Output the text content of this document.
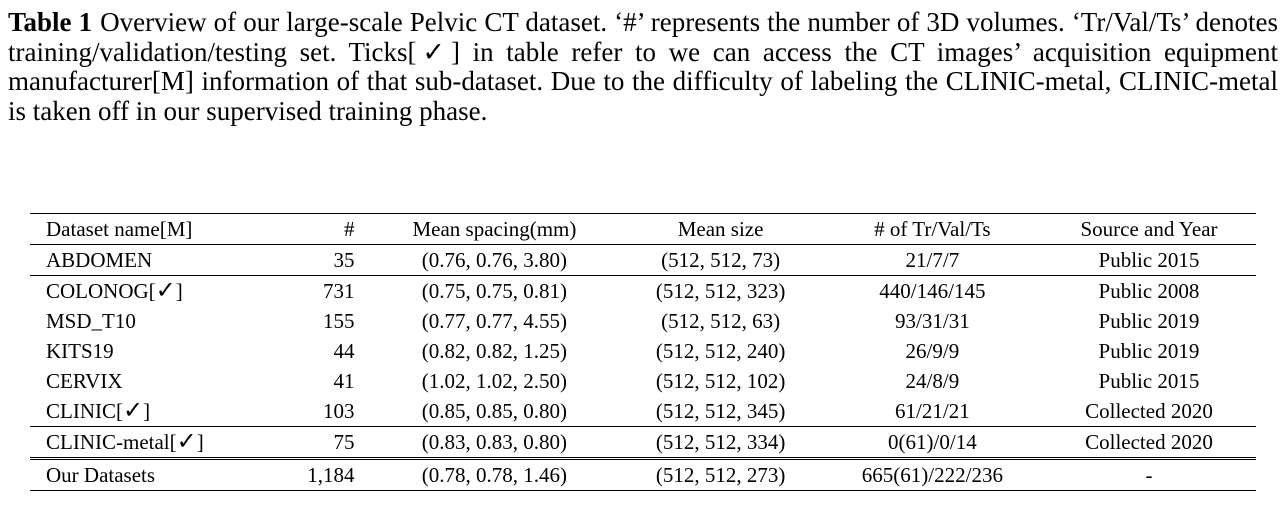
Table 1 Overview of our large-scale Pelvic CT dataset. ‘#’ represents the number of 3D volumes. ‘Tr/Val/Ts’ denotes training/validation/testing set. Ticks[✓] in table refer to we can access the CT images’ acquisition equipment manufacturer[M] information of that sub-dataset. Due to the difficulty of labeling the CLINIC-metal, CLINIC-metal is taken off in our supervised training phase.
Dataset name[M]	#	Mean spacing(mm)	Mean size	# of Tr/Val/Ts	Source and Year
ABDOMEN	35	(0.76, 0.76, 3.80)	(512, 512, 73)	21/7/7	Public 2015
COLONOG[✓]	731	(0.75, 0.75, 0.81)	(512, 512, 323)	440/146/145	Public 2008
MSD_T10	155	(0.77, 0.77, 4.55)	(512, 512, 63)	93/31/31	Public 2019
KITS19	44	(0.82, 0.82, 1.25)	(512, 512, 240)	26/9/9	Public 2019
CERVIX	41	(1.02, 1.02, 2.50)	(512, 512, 102)	24/8/9	Public 2015
CLINIC[✓]	103	(0.85, 0.85, 0.80)	(512, 512, 345)	61/21/21	Collected 2020
CLINIC-metal[✓]	75	(0.83, 0.83, 0.80)	(512, 512, 334)	0(61)/0/14	Collected 2020
Our Datasets	1,184	(0.78, 0.78, 1.46)	(512, 512, 273)	665(61)/222/236	-
